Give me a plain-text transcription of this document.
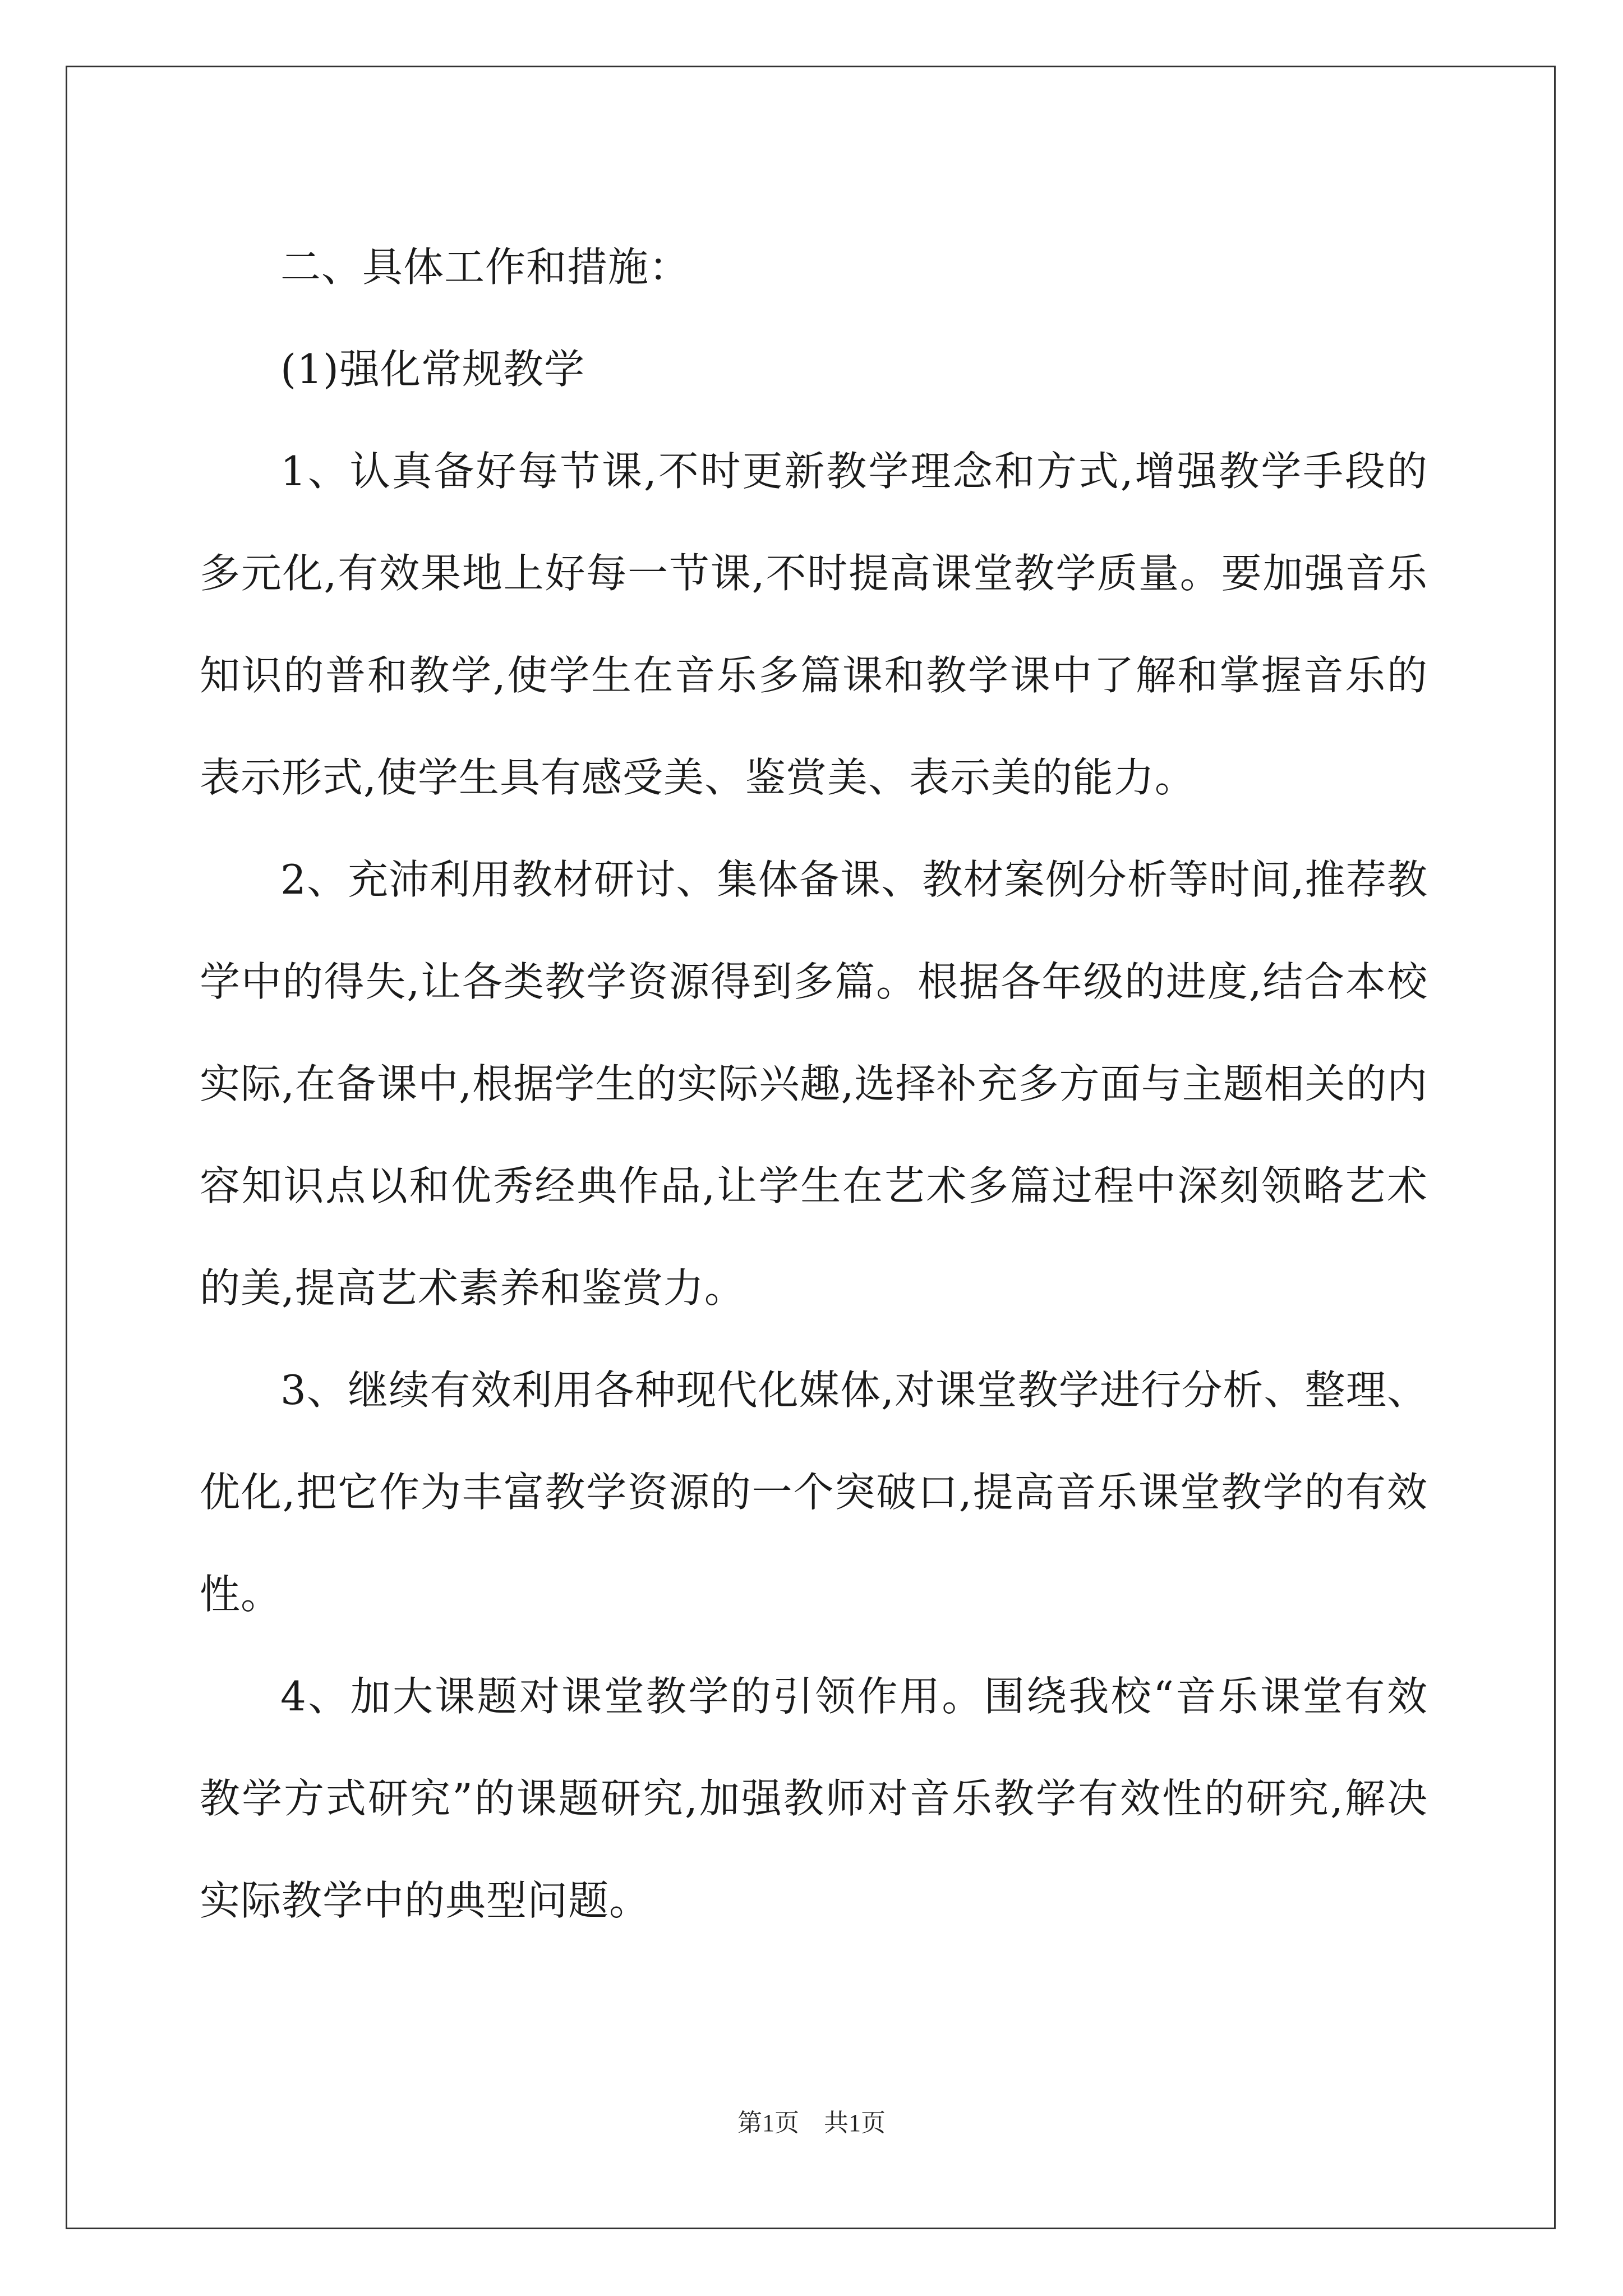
二、具体工作和措施：

(1)强化常规教学

1、认真备好每节课,不时更新教学理念和方式,增强教学手段的多元化,有效果地上好每一节课,不时提高课堂教学质量。要加强音乐知识的普和教学,使学生在音乐多篇课和教学课中了解和掌握音乐的表示形式,使学生具有感受美、鉴赏美、表示美的能力。

2、充沛利用教材研讨、集体备课、教材案例分析等时间,推荐教学中的得失,让各类教学资源得到多篇。根据各年级的进度,结合本校实际,在备课中,根据学生的实际兴趣,选择补充多方面与主题相关的内容知识点以和优秀经典作品,让学生在艺术多篇过程中深刻领略艺术的美,提高艺术素养和鉴赏力。

3、继续有效利用各种现代化媒体,对课堂教学进行分析、整理、优化,把它作为丰富教学资源的一个突破口,提高音乐课堂教学的有效性。

4、加大课题对课堂教学的引领作用。围绕我校“音乐课堂有效教学方式研究”的课题研究,加强教师对音乐教学有效性的研究,解决实际教学中的典型问题。

第1页　共1页
